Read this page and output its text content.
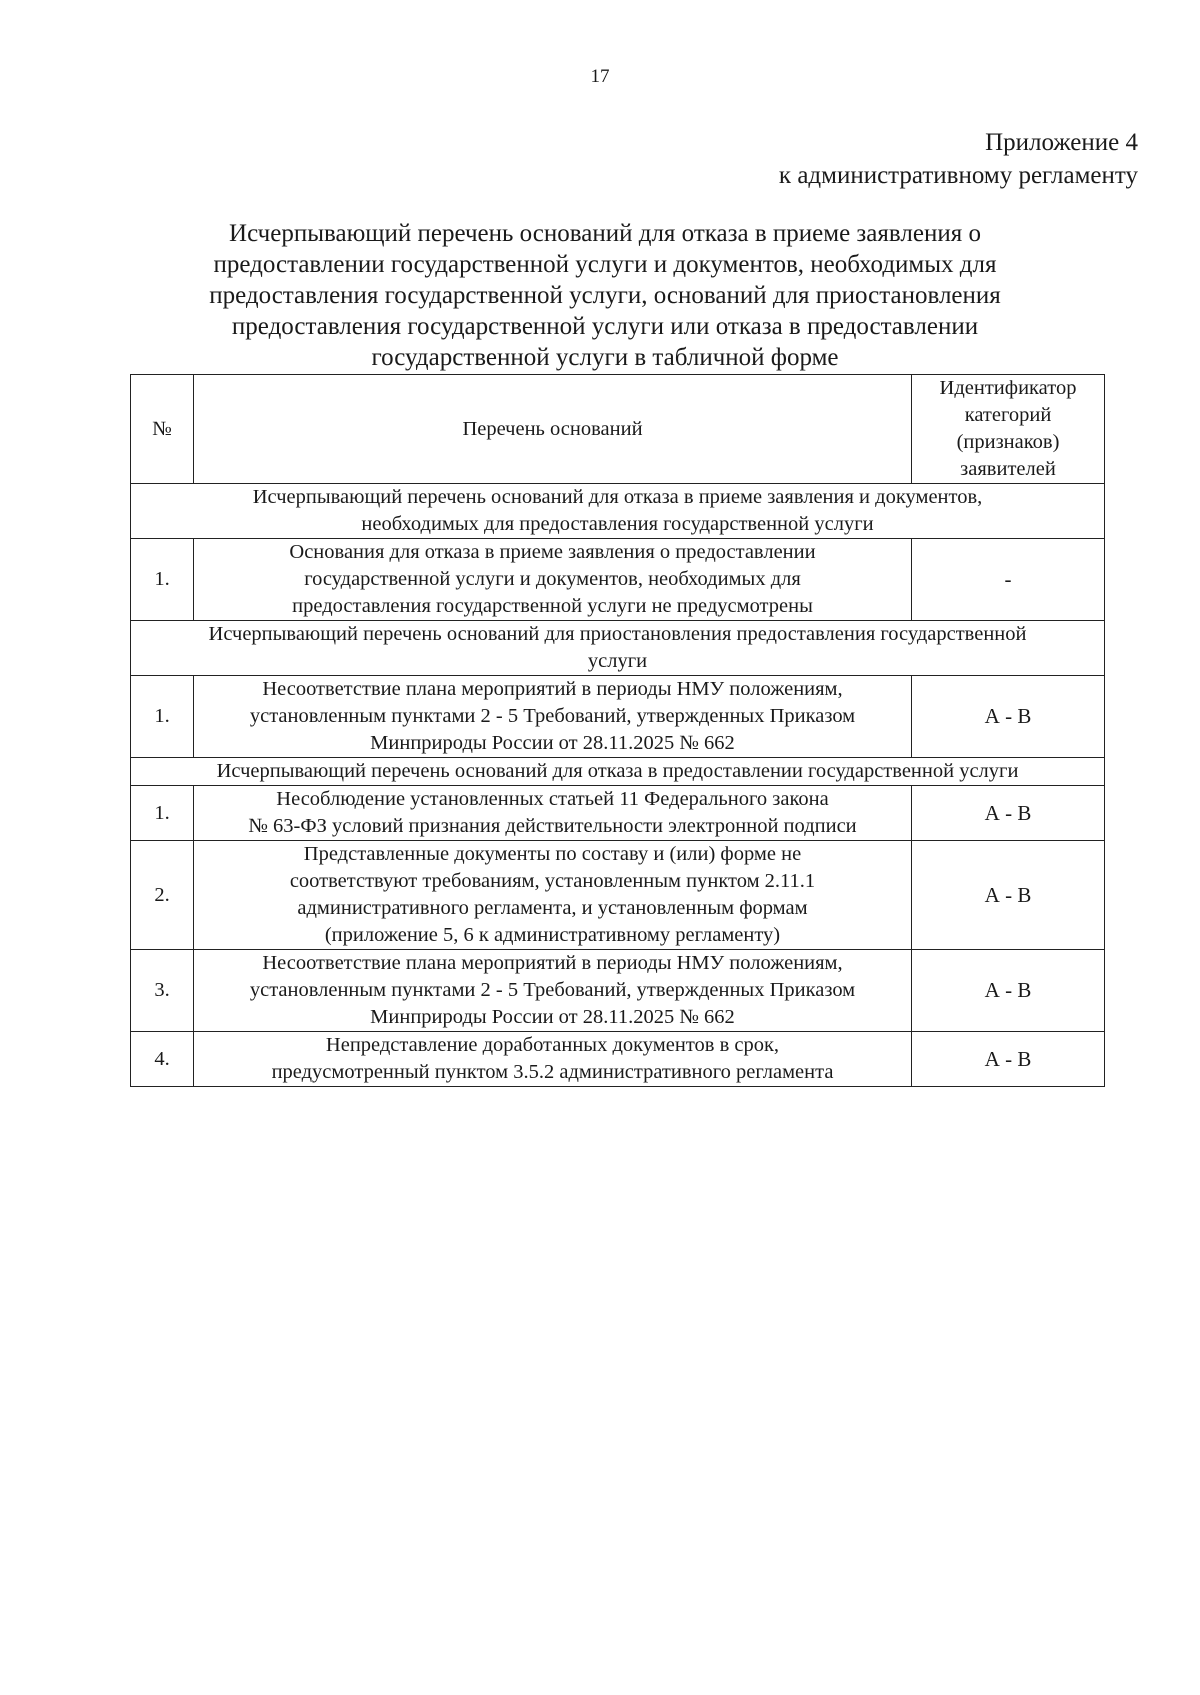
17
Приложение 4
к административному регламенту
Исчерпывающий перечень оснований для отказа в приеме заявления о
предоставлении государственной услуги и документов, необходимых для
предоставления государственной услуги, оснований для приостановления
предоставления государственной услуги или отказа в предоставлении
государственной услуги в табличной форме
№	Перечень оснований	Идентификатор
категорий
(признаков)
заявителей

Исчерпывающий перечень оснований для отказа в приеме заявления и документов,
необходимых для предоставления государственной услуги		

1.	Основания для отказа в приеме заявления о предоставлении
государственной услуги и документов, необходимых для
предоставления государственной услуги не предусмотрены	-

Исчерпывающий перечень оснований для приостановления предоставления государственной
услуги		

1.	Несоответствие плана мероприятий в периоды НМУ положениям,
установленным пунктами 2 - 5 Требований, утвержденных Приказом
Минприроды России от 28.11.2025 № 662	А - В

Исчерпывающий перечень оснований для отказа в предоставлении государственной услуги		

1.	Несоблюдение установленных статьей 11 Федерального закона
№ 63-ФЗ условий признания действительности электронной подписи	А - В
2.	Представленные документы по составу и (или) форме не
соответствуют требованиям, установленным пунктом 2.11.1
административного регламента, и установленным формам
(приложение 5, 6 к административному регламенту)	А - В
3.	Несоответствие плана мероприятий в периоды НМУ положениям,
установленным пунктами 2 - 5 Требований, утвержденных Приказом
Минприроды России от 28.11.2025 № 662	А - В
4.	Непредставление доработанных документов в срок,
предусмотренный пунктом 3.5.2 административного регламента	А - В
